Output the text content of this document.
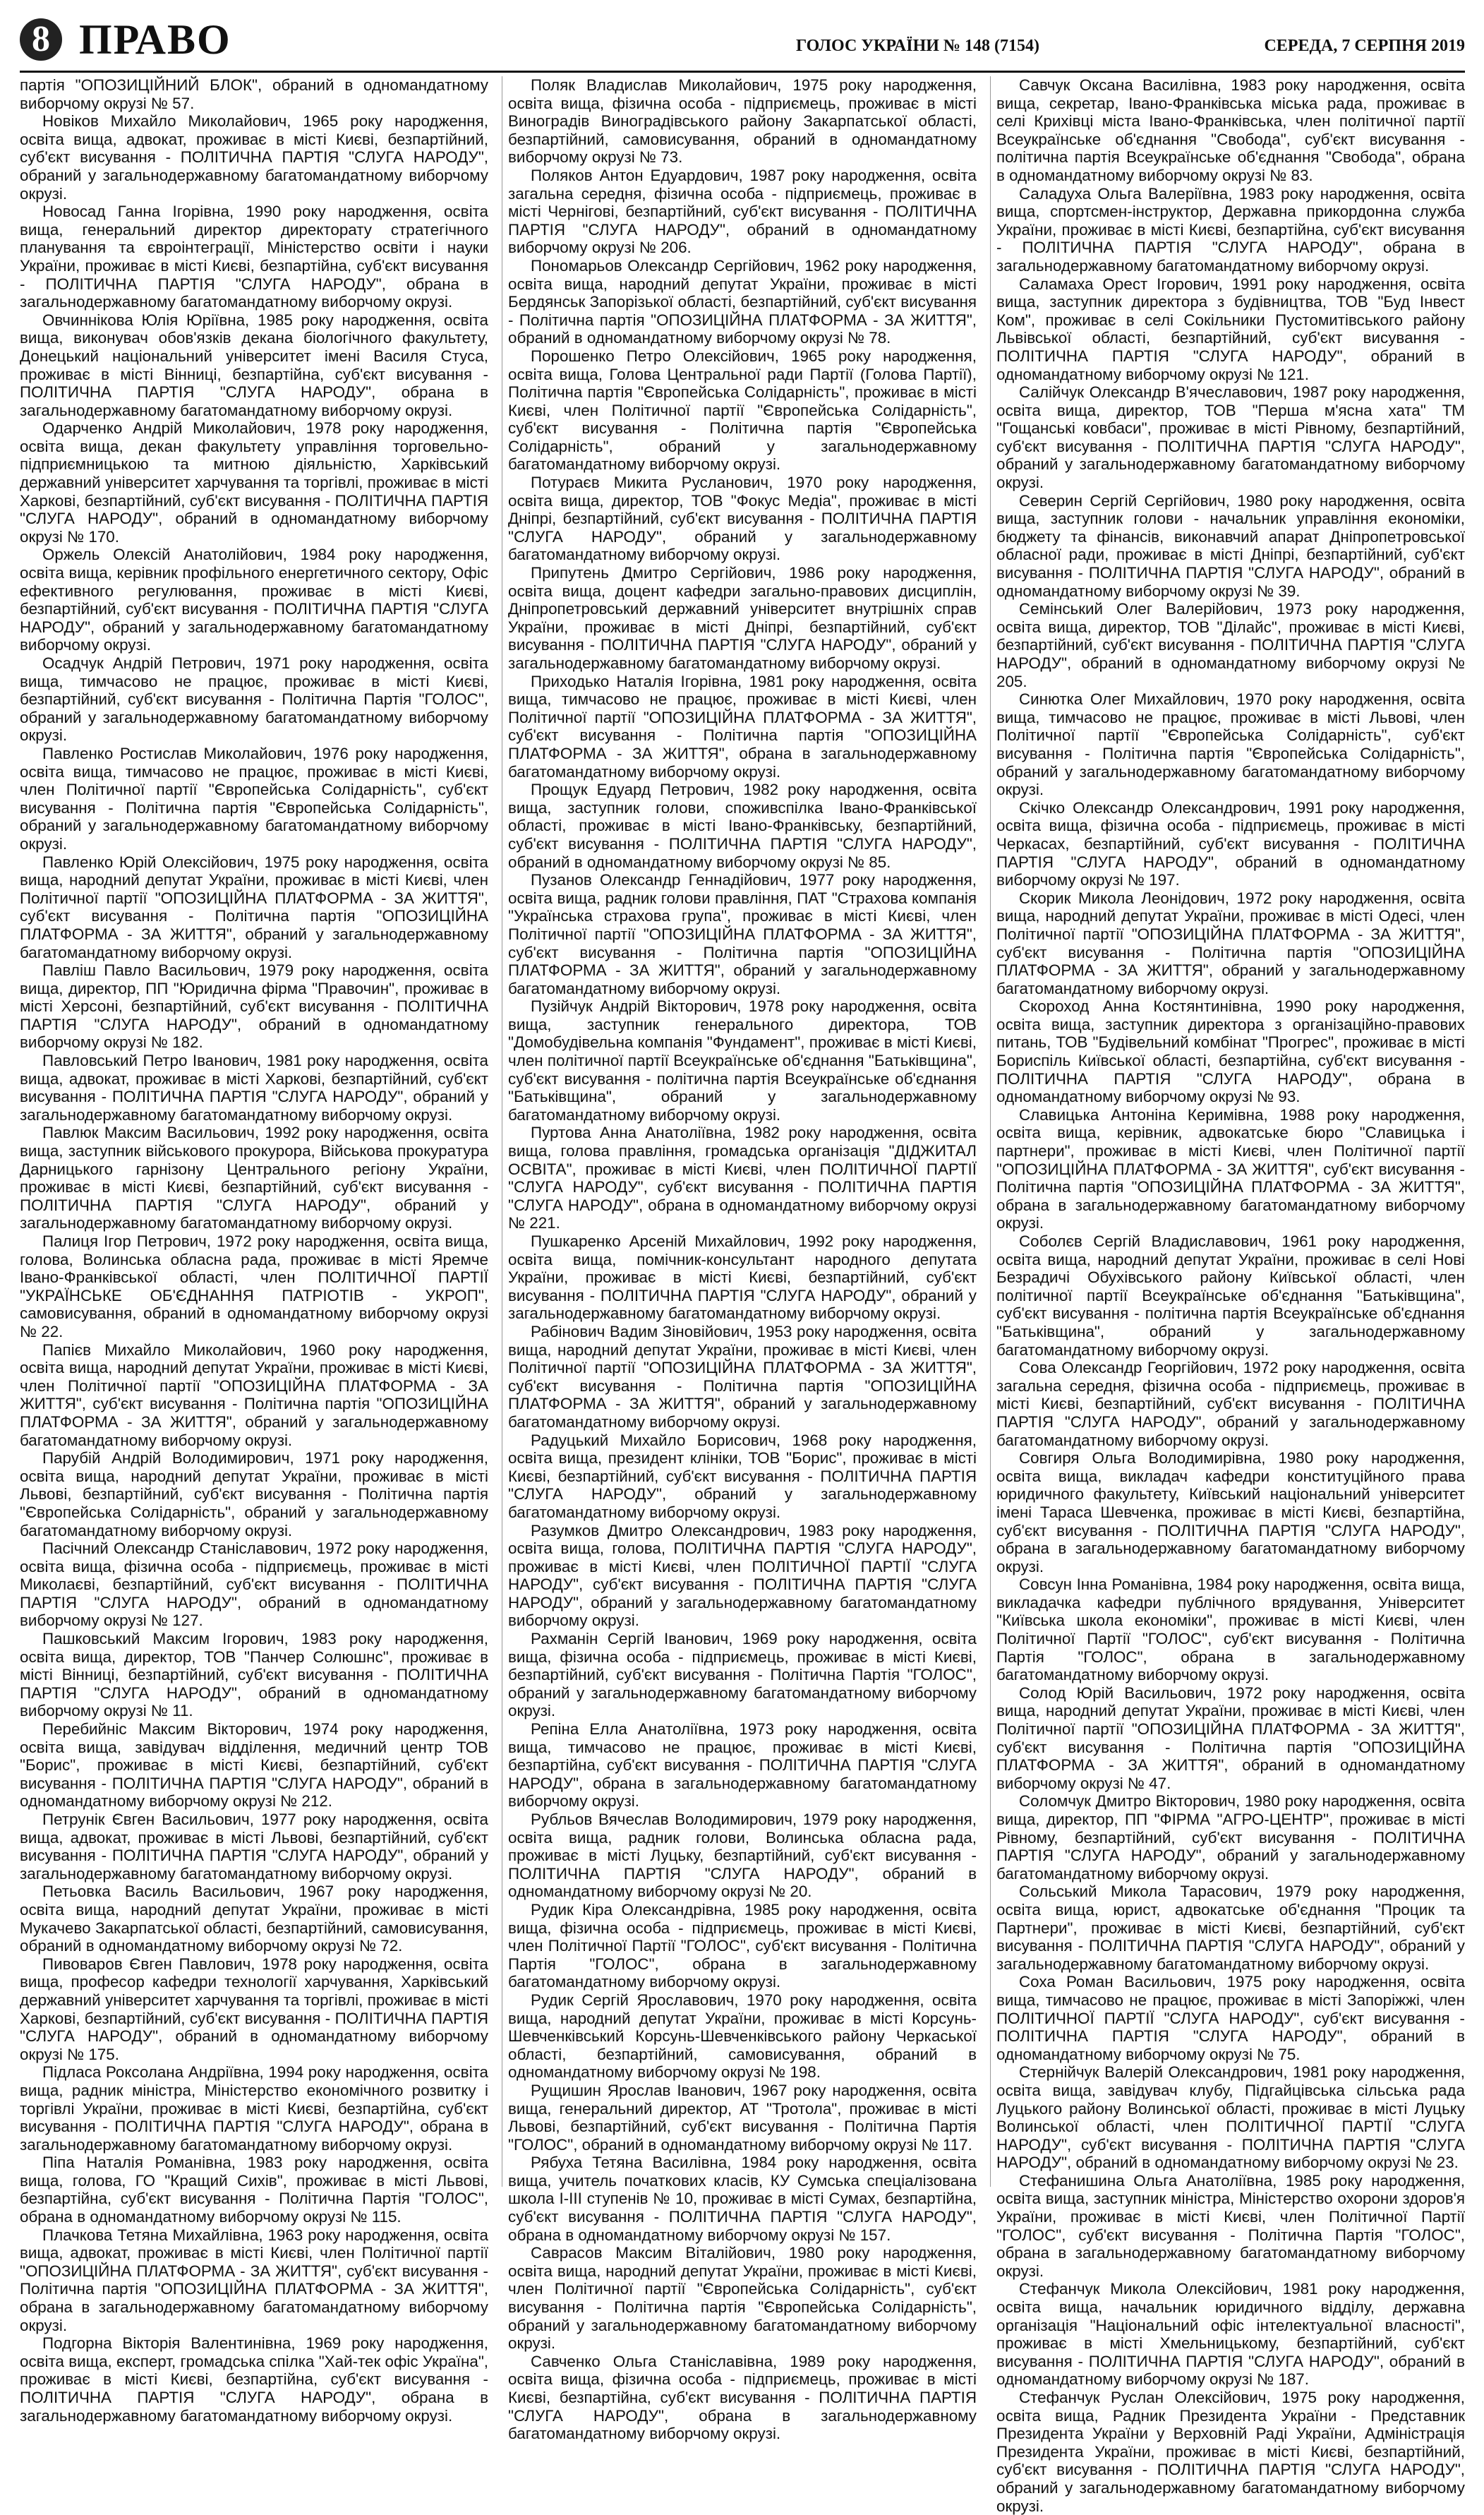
8 ПРАВО	ГОЛОС УКРАЇНИ № 148 (7154)	СЕРЕДА, 7 СЕРПНЯ 2019

партія "ОПОЗИЦІЙНИЙ БЛОК", обраний в одномандатному виборчому окрузі № 57.

Новіков Михайло Миколайович, 1965 року народження, освіта вища, адвокат, проживає в місті Києві, безпартійний, суб'єкт висування - ПОЛІТИЧНА ПАРТІЯ "СЛУГА НАРОДУ", обраний у загальнодержавному багатомандатному виборчому окрузі.

Новосад Ганна Ігорівна, 1990 року народження, освіта вища, генеральний директор директорату стратегічного планування та євроінтеграції, Міністерство освіти і науки України, проживає в місті Києві, безпартійна, суб'єкт висування - ПОЛІТИЧНА ПАРТІЯ "СЛУГА НАРОДУ", обрана в загальнодержавному багатомандатному виборчому окрузі.

Овчиннікова Юлія Юріївна, 1985 року народження, освіта вища, виконувач обов'язків декана біологічного факультету, Донецький національний університет імені Василя Стуса, проживає в місті Вінниці, безпартійна, суб'єкт висування - ПОЛІТИЧНА ПАРТІЯ "СЛУГА НАРОДУ", обрана в загальнодержавному багатомандатному виборчому окрузі.

Одарченко Андрій Миколайович, 1978 року народження, освіта вища, декан факультету управління торговельно-підприємницькою та митною діяльністю, Харківський державний університет харчування та торгівлі, проживає в місті Харкові, безпартійний, суб'єкт висування - ПОЛІТИЧНА ПАРТІЯ "СЛУГА НАРОДУ", обраний в одномандатному виборчому окрузі № 170.

Оржель Олексій Анатолійович, 1984 року народження, освіта вища, керівник профільного енергетичного сектору, Офіс ефективного регулювання, проживає в місті Києві, безпартійний, суб'єкт висування - ПОЛІТИЧНА ПАРТІЯ "СЛУГА НАРОДУ", обраний у загальнодержавному багатомандатному виборчому окрузі.

Осадчук Андрій Петрович, 1971 року народження, освіта вища, тимчасово не працює, проживає в місті Києві, безпартійний, суб'єкт висування - Політична Партія "ГОЛОС", обраний у загальнодержавному багатомандатному виборчому окрузі.

Павленко Ростислав Миколайович, 1976 року народження, освіта вища, тимчасово не працює, проживає в місті Києві, член Політичної партії "Європейська Солідарність", суб'єкт висування - Політична партія "Європейська Солідарність", обраний у загальнодержавному багатомандатному виборчому окрузі.

Павленко Юрій Олексійович, 1975 року народження, освіта вища, народний депутат України, проживає в місті Києві, член Політичної партії "ОПОЗИЦІЙНА ПЛАТФОРМА - ЗА ЖИТТЯ", суб'єкт висування - Політична партія "ОПОЗИЦІЙНА ПЛАТФОРМА - ЗА ЖИТТЯ", обраний у загальнодержавному багатомандатному виборчому окрузі.

Павліш Павло Васильович, 1979 року народження, освіта вища, директор, ПП "Юридична фірма "Правочин", проживає в місті Херсоні, безпартійний, суб'єкт висування - ПОЛІТИЧНА ПАРТІЯ "СЛУГА НАРОДУ", обраний в одномандатному виборчому окрузі № 182.

Павловський Петро Іванович, 1981 року народження, освіта вища, адвокат, проживає в місті Харкові, безпартійний, суб'єкт висування - ПОЛІТИЧНА ПАРТІЯ "СЛУГА НАРОДУ", обраний у загальнодержавному багатомандатному виборчому окрузі.

Павлюк Максим Васильович, 1992 року народження, освіта вища, заступник військового прокурора, Військова прокуратура Дарницького гарнізону Центрального регіону України, проживає в місті Києві, безпартійний, суб'єкт висування - ПОЛІТИЧНА ПАРТІЯ "СЛУГА НАРОДУ", обраний у загальнодержавному багатомандатному виборчому окрузі.

Палиця Ігор Петрович, 1972 року народження, освіта вища, голова, Волинська обласна рада, проживає в місті Яремче Івано-Франківської області, член ПОЛІТИЧНОЇ ПАРТІЇ "УКРАЇНСЬКЕ ОБ'ЄДНАННЯ ПАТРІОТІВ - УКРОП", самовисування, обраний в одномандатному виборчому окрузі № 22.

Папієв Михайло Миколайович, 1960 року народження, освіта вища, народний депутат України, проживає в місті Києві, член Політичної партії "ОПОЗИЦІЙНА ПЛАТФОРМА - ЗА ЖИТТЯ", суб'єкт висування - Політична партія "ОПОЗИЦІЙНА ПЛАТФОРМА - ЗА ЖИТТЯ", обраний у загальнодержавному багатомандатному виборчому окрузі.

Парубій Андрій Володимирович, 1971 року народження, освіта вища, народний депутат України, проживає в місті Львові, безпартійний, суб'єкт висування - Політична партія "Європейська Солідарність", обраний у загальнодержавному багатомандатному виборчому окрузі.

Пасічний Олександр Станіславович, 1972 року народження, освіта вища, фізична особа - підприємець, проживає в місті Миколаєві, безпартійний, суб'єкт висування - ПОЛІТИЧНА ПАРТІЯ "СЛУГА НАРОДУ", обраний в одномандатному виборчому окрузі № 127.

Пашковський Максим Ігорович, 1983 року народження, освіта вища, директор, ТОВ "Панчер Солюшнс", проживає в місті Вінниці, безпартійний, суб'єкт висування - ПОЛІТИЧНА ПАРТІЯ "СЛУГА НАРОДУ", обраний в одномандатному виборчому окрузі № 11.

Перебийніс Максим Вікторович, 1974 року народження, освіта вища, завідувач відділення, медичний центр ТОВ "Борис", проживає в місті Києві, безпартійний, суб'єкт висування - ПОЛІТИЧНА ПАРТІЯ "СЛУГА НАРОДУ", обраний в одномандатному виборчому окрузі № 212.

Петрунік Євген Васильович, 1977 року народження, освіта вища, адвокат, проживає в місті Львові, безпартійний, суб'єкт висування - ПОЛІТИЧНА ПАРТІЯ "СЛУГА НАРОДУ", обраний у загальнодержавному багатомандатному виборчому окрузі.

Петьовка Василь Васильович, 1967 року народження, освіта вища, народний депутат України, проживає в місті Мукачево Закарпатської області, безпартійний, самовисування, обраний в одномандатному виборчому окрузі № 72.

Пивоваров Євген Павлович, 1978 року народження, освіта вища, професор кафедри технології харчування, Харківський державний університет харчування та торгівлі, проживає в місті Харкові, безпартійний, суб'єкт висування - ПОЛІТИЧНА ПАРТІЯ "СЛУГА НАРОДУ", обраний в одномандатному виборчому окрузі № 175.

Підласа Роксолана Андріївна, 1994 року народження, освіта вища, радник міністра, Міністерство економічного розвитку і торгівлі України, проживає в місті Києві, безпартійна, суб'єкт висування - ПОЛІТИЧНА ПАРТІЯ "СЛУГА НАРОДУ", обрана в загальнодержавному багатомандатному виборчому окрузі.

Піпа Наталія Романівна, 1983 року народження, освіта вища, голова, ГО "Кращий Сихів", проживає в місті Львові, безпартійна, суб'єкт висування - Політична Партія "ГОЛОС", обрана в одномандатному виборчому окрузі № 115.

Плачкова Тетяна Михайлівна, 1963 року народження, освіта вища, адвокат, проживає в місті Києві, член Політичної партії "ОПОЗИЦІЙНА ПЛАТФОРМА - ЗА ЖИТТЯ", суб'єкт висування - Політична партія "ОПОЗИЦІЙНА ПЛАТФОРМА - ЗА ЖИТТЯ", обрана в загальнодержавному багатомандатному виборчому окрузі.

Подгорна Вікторія Валентинівна, 1969 року народження, освіта вища, експерт, громадська спілка "Хай-тек офіс Україна", проживає в місті Києві, безпартійна, суб'єкт висування - ПОЛІТИЧНА ПАРТІЯ "СЛУГА НАРОДУ", обрана в загальнодержавному багатомандатному виборчому окрузі.

Поляк Владислав Миколайович, 1975 року народження, освіта вища, фізична особа - підприємець, проживає в місті Виноградів Виноградівського району Закарпатської області, безпартійний, самовисування, обраний в одномандатному виборчому окрузі № 73.

Поляков Антон Едуардович, 1987 року народження, освіта загальна середня, фізична особа - підприємець, проживає в місті Чернігові, безпартійний, суб'єкт висування - ПОЛІТИЧНА ПАРТІЯ "СЛУГА НАРОДУ", обраний в одномандатному виборчому окрузі № 206.

Пономарьов Олександр Сергійович, 1962 року народження, освіта вища, народний депутат України, проживає в місті Бердянськ Запорізької області, безпартійний, суб'єкт висування - Політична партія "ОПОЗИЦІЙНА ПЛАТФОРМА - ЗА ЖИТТЯ", обраний в одномандатному виборчому окрузі № 78.

Порошенко Петро Олексійович, 1965 року народження, освіта вища, Голова Центральної ради Партії (Голова Партії), Політична партія "Європейська Солідарність", проживає в місті Києві, член Політичної партії "Європейська Солідарність", суб'єкт висування - Політична партія "Європейська Солідарність", обраний у загальнодержавному багатомандатному виборчому окрузі.

Потураєв Микита Русланович, 1970 року народження, освіта вища, директор, ТОВ "Фокус Медіа", проживає в місті Дніпрі, безпартійний, суб'єкт висування - ПОЛІТИЧНА ПАРТІЯ "СЛУГА НАРОДУ", обраний у загальнодержавному багатомандатному виборчому окрузі.

Припутень Дмитро Сергійович, 1986 року народження, освіта вища, доцент кафедри загально-правових дисциплін, Дніпропетровський державний університет внутрішніх справ України, проживає в місті Дніпрі, безпартійний, суб'єкт висування - ПОЛІТИЧНА ПАРТІЯ "СЛУГА НАРОДУ", обраний у загальнодержавному багатомандатному виборчому окрузі.

Приходько Наталія Ігорівна, 1981 року народження, освіта вища, тимчасово не працює, проживає в місті Києві, член Політичної партії "ОПОЗИЦІЙНА ПЛАТФОРМА - ЗА ЖИТТЯ", суб'єкт висування - Політична партія "ОПОЗИЦІЙНА ПЛАТФОРМА - ЗА ЖИТТЯ", обрана в загальнодержавному багатомандатному виборчому окрузі.

Прощук Едуард Петрович, 1982 року народження, освіта вища, заступник голови, споживспілка Івано-Франківської області, проживає в місті Івано-Франківську, безпартійний, суб'єкт висування - ПОЛІТИЧНА ПАРТІЯ "СЛУГА НАРОДУ", обраний в одномандатному виборчому окрузі № 85.

Пузанов Олександр Геннадійович, 1977 року народження, освіта вища, радник голови правління, ПАТ "Страхова компанія "Українська страхова група", проживає в місті Києві, член Політичної партії "ОПОЗИЦІЙНА ПЛАТФОРМА - ЗА ЖИТТЯ", суб'єкт висування - Політична партія "ОПОЗИЦІЙНА ПЛАТФОРМА - ЗА ЖИТТЯ", обраний у загальнодержавному багатомандатному виборчому окрузі.

Пузійчук Андрій Вікторович, 1978 року народження, освіта вища, заступник генерального директора, ТОВ "Домобудівельна компанія "Фундамент", проживає в місті Києві, член політичної партії Всеукраїнське об'єднання "Батьківщина", суб'єкт висування - політична партія Всеукраїнське об'єднання "Батьківщина", обраний у загальнодержавному багатомандатному виборчому окрузі.

Пуртова Анна Анатоліївна, 1982 року народження, освіта вища, голова правління, громадська організація "ДІДЖИТАЛ ОСВІТА", проживає в місті Києві, член ПОЛІТИЧНОЇ ПАРТІЇ "СЛУГА НАРОДУ", суб'єкт висування - ПОЛІТИЧНА ПАРТІЯ "СЛУГА НАРОДУ", обрана в одномандатному виборчому окрузі № 221.

Пушкаренко Арсеній Михайлович, 1992 року народження, освіта вища, помічник-консультант народного депутата України, проживає в місті Києві, безпартійний, суб'єкт висування - ПОЛІТИЧНА ПАРТІЯ "СЛУГА НАРОДУ", обраний у загальнодержавному багатомандатному виборчому окрузі.

Рабінович Вадим Зіновійович, 1953 року народження, освіта вища, народний депутат України, проживає в місті Києві, член Політичної партії "ОПОЗИЦІЙНА ПЛАТФОРМА - ЗА ЖИТТЯ", суб'єкт висування - Політична партія "ОПОЗИЦІЙНА ПЛАТФОРМА - ЗА ЖИТТЯ", обраний у загальнодержавному багатомандатному виборчому окрузі.

Радуцький Михайло Борисович, 1968 року народження, освіта вища, президент клініки, ТОВ "Борис", проживає в місті Києві, безпартійний, суб'єкт висування - ПОЛІТИЧНА ПАРТІЯ "СЛУГА НАРОДУ", обраний у загальнодержавному багатомандатному виборчому окрузі.

Разумков Дмитро Олександрович, 1983 року народження, освіта вища, голова, ПОЛІТИЧНА ПАРТІЯ "СЛУГА НАРОДУ", проживає в місті Києві, член ПОЛІТИЧНОЇ ПАРТІЇ "СЛУГА НАРОДУ", суб'єкт висування - ПОЛІТИЧНА ПАРТІЯ "СЛУГА НАРОДУ", обраний у загальнодержавному багатомандатному виборчому окрузі.

Рахманін Сергій Іванович, 1969 року народження, освіта вища, фізична особа - підприємець, проживає в місті Києві, безпартійний, суб'єкт висування - Політична Партія "ГОЛОС", обраний у загальнодержавному багатомандатному виборчому окрузі.

Репіна Елла Анатоліївна, 1973 року народження, освіта вища, тимчасово не працює, проживає в місті Києві, безпартійна, суб'єкт висування - ПОЛІТИЧНА ПАРТІЯ "СЛУГА НАРОДУ", обрана в загальнодержавному багатомандатному виборчому окрузі.

Рубльов Вячеслав Володимирович, 1979 року народження, освіта вища, радник голови, Волинська обласна рада, проживає в місті Луцьку, безпартійний, суб'єкт висування - ПОЛІТИЧНА ПАРТІЯ "СЛУГА НАРОДУ", обраний в одномандатному виборчому окрузі № 20.

Рудик Кіра Олександрівна, 1985 року народження, освіта вища, фізична особа - підприємець, проживає в місті Києві, член Політичної Партії "ГОЛОС", суб'єкт висування - Політична Партія "ГОЛОС", обрана в загальнодержавному багатомандатному виборчому окрузі.

Рудик Сергій Ярославович, 1970 року народження, освіта вища, народний депутат України, проживає в місті Корсунь-Шевченківський Корсунь-Шевченківського району Черкаської області, безпартійний, самовисування, обраний в одномандатному виборчому окрузі № 198.

Рущишин Ярослав Іванович, 1967 року народження, освіта вища, генеральний директор, АТ "Тротола", проживає в місті Львові, безпартійний, суб'єкт висування - Політична Партія "ГОЛОС", обраний в одномандатному виборчому окрузі № 117.

Рябуха Тетяна Василівна, 1984 року народження, освіта вища, учитель початкових класів, КУ Сумська спеціалізована школа І-ІІІ ступенів № 10, проживає в місті Сумах, безпартійна, суб'єкт висування - ПОЛІТИЧНА ПАРТІЯ "СЛУГА НАРОДУ", обрана в одномандатному виборчому окрузі № 157.

Саврасов Максим Віталійович, 1980 року народження, освіта вища, народний депутат України, проживає в місті Києві, член Політичної партії "Європейська Солідарність", суб'єкт висування - Політична партія "Європейська Солідарність", обраний у загальнодержавному багатомандатному виборчому окрузі.

Савченко Ольга Станіславівна, 1989 року народження, освіта вища, фізична особа - підприємець, проживає в місті Києві, безпартійна, суб'єкт висування - ПОЛІТИЧНА ПАРТІЯ "СЛУГА НАРОДУ", обрана в загальнодержавному багатомандатному виборчому окрузі.

Савчук Оксана Василівна, 1983 року народження, освіта вища, секретар, Івано-Франківська міська рада, проживає в селі Крихівці міста Івано-Франківська, член політичної партії Всеукраїнське об'єднання "Свобода", суб'єкт висування - політична партія Всеукраїнське об'єднання "Свобода", обрана в одномандатному виборчому окрузі № 83.

Саладуха Ольга Валеріївна, 1983 року народження, освіта вища, спортсмен-інструктор, Державна прикордонна служба України, проживає в місті Києві, безпартійна, суб'єкт висування - ПОЛІТИЧНА ПАРТІЯ "СЛУГА НАРОДУ", обрана в загальнодержавному багатомандатному виборчому окрузі.

Саламаха Орест Ігорович, 1991 року народження, освіта вища, заступник директора з будівництва, ТОВ "Буд Інвест Ком", проживає в селі Сокільники Пустомитівського району Львівської області, безпартійний, суб'єкт висування - ПОЛІТИЧНА ПАРТІЯ "СЛУГА НАРОДУ", обраний в одномандатному виборчому окрузі № 121.

Салійчук Олександр В'ячеславович, 1987 року народження, освіта вища, директор, ТОВ "Перша м'ясна хата" ТМ "Гощанські ковбаси", проживає в місті Рівному, безпартійний, суб'єкт висування - ПОЛІТИЧНА ПАРТІЯ "СЛУГА НАРОДУ", обраний у загальнодержавному багатомандатному виборчому окрузі.

Северин Сергій Сергійович, 1980 року народження, освіта вища, заступник голови - начальник управління економіки, бюджету та фінансів, виконавчий апарат Дніпропетровської обласної ради, проживає в місті Дніпрі, безпартійний, суб'єкт висування - ПОЛІТИЧНА ПАРТІЯ "СЛУГА НАРОДУ", обраний в одномандатному виборчому окрузі № 39.

Семінський Олег Валерійович, 1973 року народження, освіта вища, директор, ТОВ "Ділайс", проживає в місті Києві, безпартійний, суб'єкт висування - ПОЛІТИЧНА ПАРТІЯ "СЛУГА НАРОДУ", обраний в одномандатному виборчому окрузі № 205.

Синютка Олег Михайлович, 1970 року народження, освіта вища, тимчасово не працює, проживає в місті Львові, член Політичної партії "Європейська Солідарність", суб'єкт висування - Політична партія "Європейська Солідарність", обраний у загальнодержавному багатомандатному виборчому окрузі.

Скічко Олександр Олександрович, 1991 року народження, освіта вища, фізична особа - підприємець, проживає в місті Черкасах, безпартійний, суб'єкт висування - ПОЛІТИЧНА ПАРТІЯ "СЛУГА НАРОДУ", обраний в одномандатному виборчому окрузі № 197.

Скорик Микола Леонідович, 1972 року народження, освіта вища, народний депутат України, проживає в місті Одесі, член Політичної партії "ОПОЗИЦІЙНА ПЛАТФОРМА - ЗА ЖИТТЯ", суб'єкт висування - Політична партія "ОПОЗИЦІЙНА ПЛАТФОРМА - ЗА ЖИТТЯ", обраний у загальнодержавному багатомандатному виборчому окрузі.

Скороход Анна Костянтинівна, 1990 року народження, освіта вища, заступник директора з організаційно-правових питань, ТОВ "Будівельний комбінат "Прогрес", проживає в місті Бориспіль Київської області, безпартійна, суб'єкт висування - ПОЛІТИЧНА ПАРТІЯ "СЛУГА НАРОДУ", обрана в одномандатному виборчому окрузі № 93.

Славицька Антоніна Керимівна, 1988 року народження, освіта вища, керівник, адвокатське бюро "Славицька і партнери", проживає в місті Києві, член Політичної партії "ОПОЗИЦІЙНА ПЛАТФОРМА - ЗА ЖИТТЯ", суб'єкт висування - Політична партія "ОПОЗИЦІЙНА ПЛАТФОРМА - ЗА ЖИТТЯ", обрана в загальнодержавному багатомандатному виборчому окрузі.

Соболєв Сергій Владиславович, 1961 року народження, освіта вища, народний депутат України, проживає в селі Нові Безрадичі Обухівського району Київської області, член політичної партії Всеукраїнське об'єднання "Батьківщина", суб'єкт висування - політична партія Всеукраїнське об'єднання "Батьківщина", обраний у загальнодержавному багатомандатному виборчому окрузі.

Сова Олександр Георгійович, 1972 року народження, освіта загальна середня, фізична особа - підприємець, проживає в місті Києві, безпартійний, суб'єкт висування - ПОЛІТИЧНА ПАРТІЯ "СЛУГА НАРОДУ", обраний у загальнодержавному багатомандатному виборчому окрузі.

Совгиря Ольга Володимирівна, 1980 року народження, освіта вища, викладач кафедри конституційного права юридичного факультету, Київський національний університет імені Тараса Шевченка, проживає в місті Києві, безпартійна, суб'єкт висування - ПОЛІТИЧНА ПАРТІЯ "СЛУГА НАРОДУ", обрана в загальнодержавному багатомандатному виборчому окрузі.

Совсун Інна Романівна, 1984 року народження, освіта вища, викладачка кафедри публічного врядування, Університет "Київська школа економіки", проживає в місті Києві, член Політичної Партії "ГОЛОС", суб'єкт висування - Політична Партія "ГОЛОС", обрана в загальнодержавному багатомандатному виборчому окрузі.

Солод Юрій Васильович, 1972 року народження, освіта вища, народний депутат України, проживає в місті Києві, член Політичної партії "ОПОЗИЦІЙНА ПЛАТФОРМА - ЗА ЖИТТЯ", суб'єкт висування - Політична партія "ОПОЗИЦІЙНА ПЛАТФОРМА - ЗА ЖИТТЯ", обраний в одномандатному виборчому окрузі № 47.

Соломчук Дмитро Вікторович, 1980 року народження, освіта вища, директор, ПП "ФІРМА "АГРО-ЦЕНТР", проживає в місті Рівному, безпартійний, суб'єкт висування - ПОЛІТИЧНА ПАРТІЯ "СЛУГА НАРОДУ", обраний у загальнодержавному багатомандатному виборчому окрузі.

Сольський Микола Тарасович, 1979 року народження, освіта вища, юрист, адвокатське об'єднання "Процик та Партнери", проживає в місті Києві, безпартійний, суб'єкт висування - ПОЛІТИЧНА ПАРТІЯ "СЛУГА НАРОДУ", обраний у загальнодержавному багатомандатному виборчому окрузі.

Соха Роман Васильович, 1975 року народження, освіта вища, тимчасово не працює, проживає в місті Запоріжжі, член ПОЛІТИЧНОЇ ПАРТІЇ "СЛУГА НАРОДУ", суб'єкт висування - ПОЛІТИЧНА ПАРТІЯ "СЛУГА НАРОДУ", обраний в одномандатному виборчому окрузі № 75.

Стернійчук Валерій Олександрович, 1981 року народження, освіта вища, завідувач клубу, Підгайцівська сільська рада Луцького району Волинської області, проживає в місті Луцьку Волинської області, член ПОЛІТИЧНОЇ ПАРТІЇ "СЛУГА НАРОДУ", суб'єкт висування - ПОЛІТИЧНА ПАРТІЯ "СЛУГА НАРОДУ", обраний в одномандатному виборчому окрузі № 23.

Стефанишина Ольга Анатоліївна, 1985 року народження, освіта вища, заступник міністра, Міністерство охорони здоров'я України, проживає в місті Києві, член Політичної Партії "ГОЛОС", суб'єкт висування - Політична Партія "ГОЛОС", обрана в загальнодержавному багатомандатному виборчому окрузі.

Стефанчук Микола Олексійович, 1981 року народження, освіта вища, начальник юридичного відділу, державна організація "Національний офіс інтелектуальної власності", проживає в місті Хмельницькому, безпартійний, суб'єкт висування - ПОЛІТИЧНА ПАРТІЯ "СЛУГА НАРОДУ", обраний в одномандатному виборчому окрузі № 187.

Стефанчук Руслан Олексійович, 1975 року народження, освіта вища, Радник Президента України - Представник Президента України у Верховній Раді України, Адміністрація Президента України, проживає в місті Києві, безпартійний, суб'єкт висування - ПОЛІТИЧНА ПАРТІЯ "СЛУГА НАРОДУ", обраний у загальнодержавному багатомандатному виборчому окрузі.
